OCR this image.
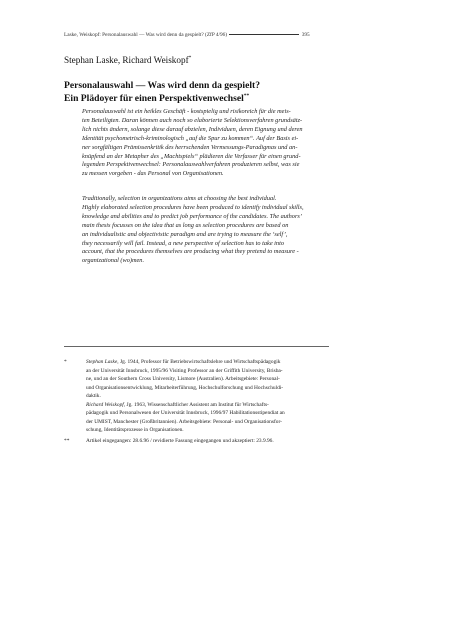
Laske, Weiskopf: Personalauswahl — Was wird denn da gespielt? (ZfP 4/96)	395
Stephan Laske, Richard Weiskopf*
Personalauswahl — Was wird denn da gespielt?
Ein Plädoyer für einen Perspektivenwechsel**
Personalauswahl ist ein heikles Geschäft - kostspielig und risikoreich für die meis-
ten Beteiligten. Daran können auch noch so elaborierte Selektionsverfahren grundsätz-
lich nichts ändern, solange diese darauf abzielen, Individuen, deren Eignung und deren
Identität psychometrisch-kriminologisch „auf die Spur zu kommen“. Auf der Basis ei-
ner sorgfältigen Prämissenkritik des herrschenden Vermessungs-Paradigmas und an-
knüpfend an der Metapher des „Machtspiels“ plädieren die Verfasser für einen grund-
legenden Perspektivenwechsel: Personalauswahlverfahren produzieren selbst, was sie
zu messen vorgeben - das Personal von Organisationen.
Traditionally, selection in organizations aims at choosing the best individual.
Highly elaborated selection procedures have been produced to identify individual skills,
knowledge and abilities and to predict job performance of the candidates. The authors’
main thesis focusses on the idea that as long as selection procedures are based on
an individualistic and objectivistic paradigm and are trying to measure the ‘self’,
they necessarily will fail. Instead, a new perspective of selection has to take into
account, that the procedures themselves are producing what they pretend to measure -
organizational (wo)men.
*	Stephan Laske, Jg. 1944, Professor für Betriebswirtschaftslehre und Wirtschaftspädagogik
an der Universität Innsbruck, 1995/96 Visiting Professor an der Griffith University, Brisba-
ne, und an der Southern Cross University, Lismore (Australien). Arbeitsgebiete: Personal-
und Organisationsentwicklung, Mitarbeiterführung, Hochschulforschung und Hochschuldi-
daktik.
Richard Weiskopf, Jg. 1963, Wissenschaftlicher Assistent am Institut für Wirtschafts-
pädagogik und Personalwesen der Universität Innsbruck, 1996/97 Habilitationsstipendiat an
der UMIST, Manchester (Großbritannien). Arbeitsgebiete: Personal- und Organisationsfor-
schung, Identitätsprozesse in Organisationen.
**	Artikel eingegangen: 28.6.96 / revidierte Fassung eingegangen und akzeptiert: 23.9.96.
